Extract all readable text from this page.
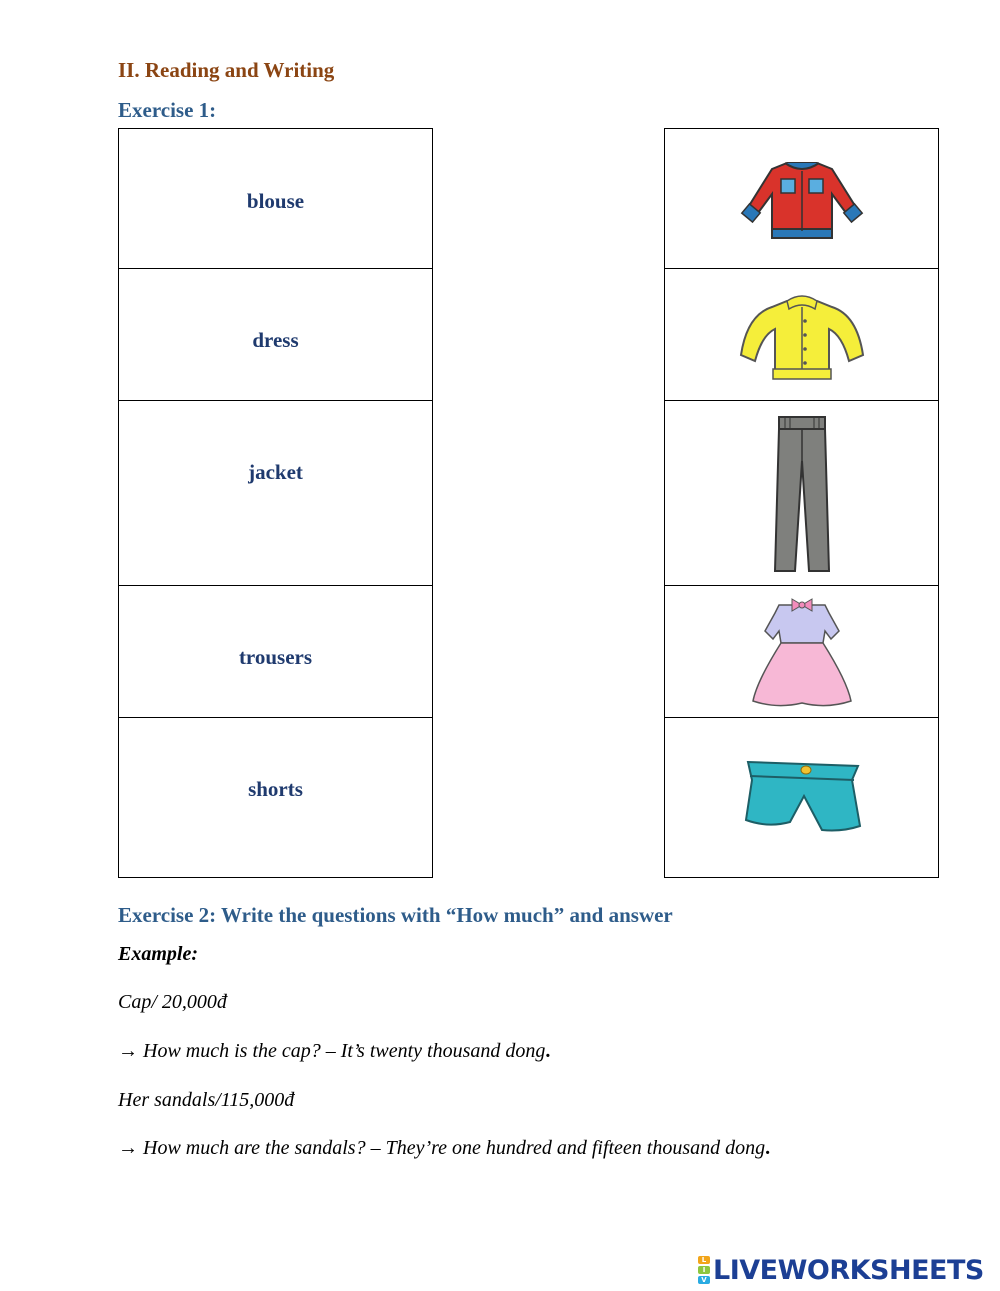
II. Reading and Writing
Exercise 1:
blouse
dress
jacket
trousers
shorts
Exercise 2: Write the questions with “How much” and answer
Example:
Cap/ 20,000đ
→ How much is the cap? – It’s twenty thousand dong.
Her sandals/115,000đ
→ How much are the sandals? – They’re one hundred and fifteen thousand dong.
L
I
V LIVEWORKSHEETS
